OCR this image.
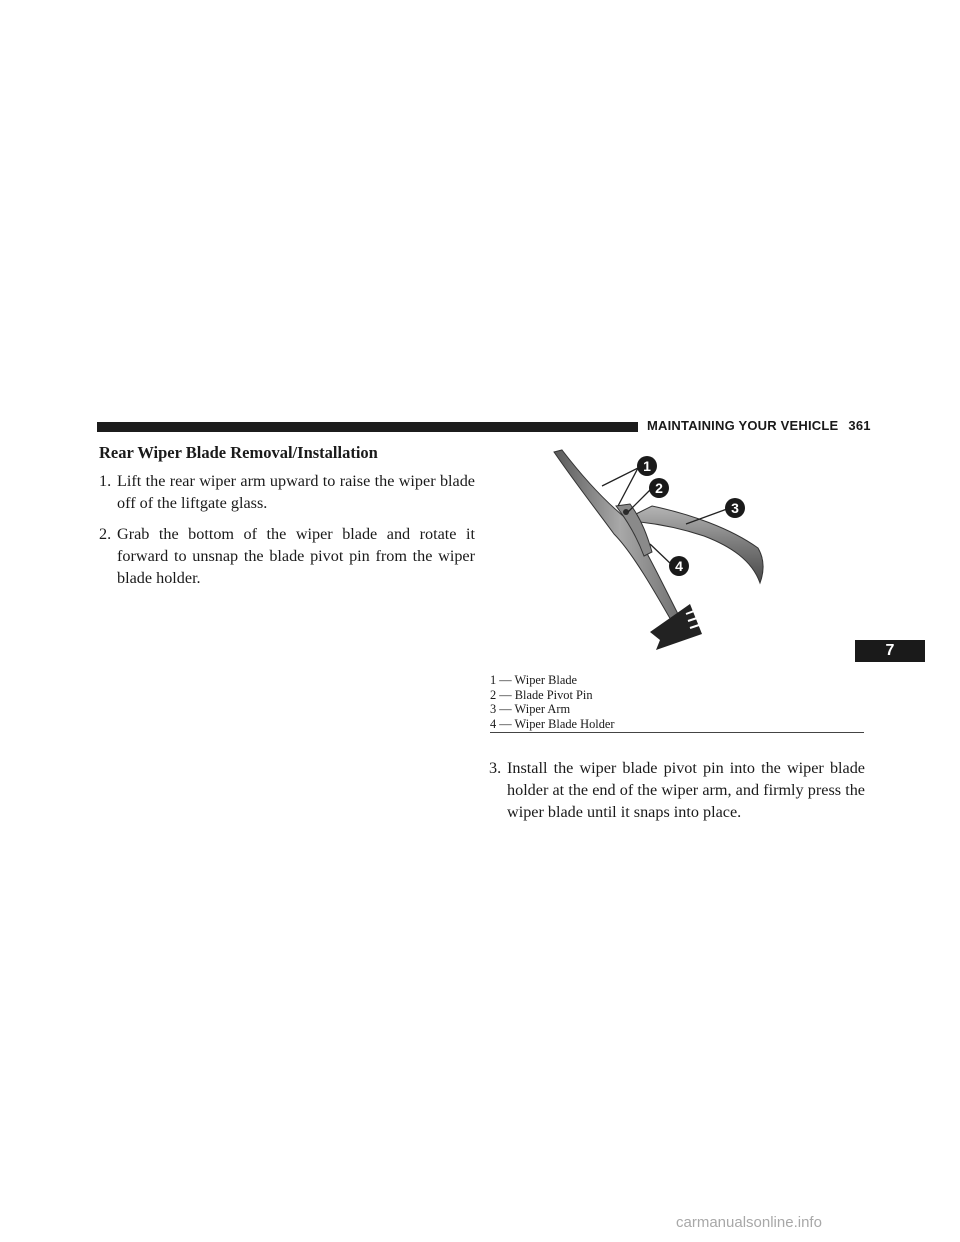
MAINTAINING YOUR VEHICLE 361
Rear Wiper Blade Removal/Installation

1. Lift the rear wiper arm upward to raise the wiper blade off of the liftgate glass.

2. Grab the bottom of the wiper blade and rotate it forward to unsnap the blade pivot pin from the wiper blade holder.

1
2
3
4
1 — Wiper Blade
2 — Blade Pivot Pin
3 — Wiper Arm
4 — Wiper Blade Holder

3. Install the wiper blade pivot pin into the wiper blade holder at the end of the wiper arm, and firmly press the wiper blade until it snaps into place.

7
carmanualsonline.info
